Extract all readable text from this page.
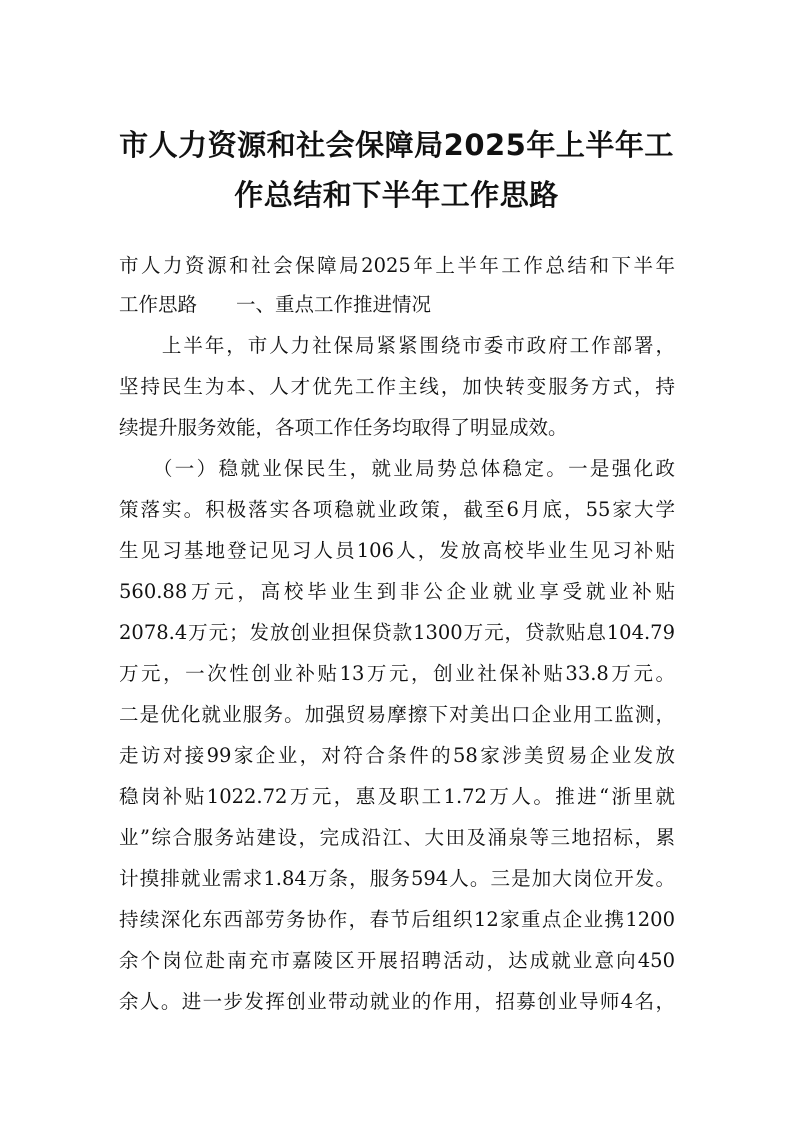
市人力资源和社会保障局2025年上半年工
作总结和下半年工作思路
市人力资源和社会保障局2025年上半年工作总结和下半年
工作思路　　一、重点工作推进情况
　　上半年，市人力社保局紧紧围绕市委市政府工作部署，
坚持民生为本、人才优先工作主线，加快转变服务方式，持
续提升服务效能，各项工作任务均取得了明显成效。
　　（一）稳就业保民生，就业局势总体稳定。一是强化政
策落实。积极落实各项稳就业政策，截至6月底，55家大学
生见习基地登记见习人员106人，发放高校毕业生见习补贴
560.88万元，高校毕业生到非公企业就业享受就业补贴
2078.4万元；发放创业担保贷款1300万元，贷款贴息104.79
万元，一次性创业补贴13万元，创业社保补贴33.8万元。
二是优化就业服务。加强贸易摩擦下对美出口企业用工监测，
走访对接99家企业，对符合条件的58家涉美贸易企业发放
稳岗补贴1022.72万元，惠及职工1.72万人。推进“浙里就
业”综合服务站建设，完成沿江、大田及涌泉等三地招标，累
计摸排就业需求1.84万条，服务594人。三是加大岗位开发。
持续深化东西部劳务协作，春节后组织12家重点企业携1200
余个岗位赴南充市嘉陵区开展招聘活动，达成就业意向450
余人。进一步发挥创业带动就业的作用，招募创业导师4名，
